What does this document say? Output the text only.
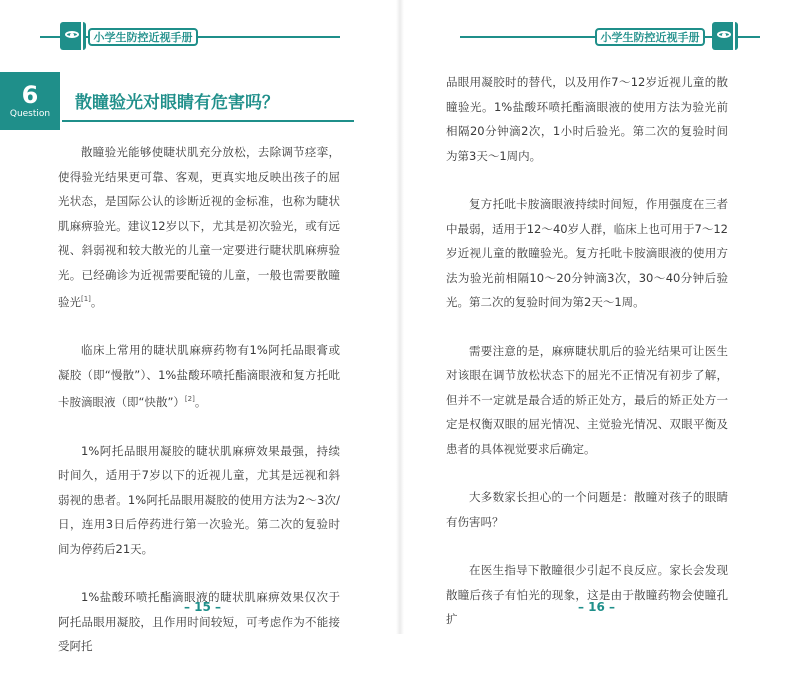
小学生防控近视手册
6
Question
散瞳验光对眼睛有危害吗？

散瞳验光能够使睫状肌充分放松，去除调节痉挛，使得验光结果更可靠、客观，更真实地反映出孩子的屈光状态，是国际公认的诊断近视的金标准，也称为睫状肌麻痹验光。建议12岁以下，尤其是初次验光，或有远视、斜弱视和较大散光的儿童一定要进行睫状肌麻痹验光。已经确诊为近视需要配镜的儿童，一般也需要散瞳验光[1]。

临床上常用的睫状肌麻痹药物有1%阿托品眼膏或凝胶（即“慢散”）、1%盐酸环喷托酯滴眼液和复方托吡卡胺滴眼液（即“快散”）[2]。

1%阿托品眼用凝胶的睫状肌麻痹效果最强，持续时间久，适用于7岁以下的近视儿童，尤其是远视和斜弱视的患者。1%阿托品眼用凝胶的使用方法为2～3次/日，连用3日后停药进行第一次验光。第二次的复验时间为停药后21天。

1%盐酸环喷托酯滴眼液的睫状肌麻痹效果仅次于阿托品眼用凝胶，且作用时间较短，可考虑作为不能接受阿托

– 15 –
小学生防控近视手册

品眼用凝胶时的替代，以及用作7～12岁近视儿童的散瞳验光。1%盐酸环喷托酯滴眼液的使用方法为验光前相隔20分钟滴2次，1小时后验光。第二次的复验时间为第3天～1周内。

复方托吡卡胺滴眼液持续时间短，作用强度在三者中最弱，适用于12～40岁人群，临床上也可用于7～12岁近视儿童的散瞳验光。复方托吡卡胺滴眼液的使用方法为验光前相隔10～20分钟滴3次，30～40分钟后验光。第二次的复验时间为第2天～1周。

需要注意的是，麻痹睫状肌后的验光结果可让医生对该眼在调节放松状态下的屈光不正情况有初步了解，但并不一定就是最合适的矫正处方，最后的矫正处方一定是权衡双眼的屈光情况、主觉验光情况、双眼平衡及患者的具体视觉要求后确定。

大多数家长担心的一个问题是：散瞳对孩子的眼睛有伤害吗？

在医生指导下散瞳很少引起不良反应。家长会发现散瞳后孩子有怕光的现象，这是由于散瞳药物会使瞳孔扩

– 16 –
